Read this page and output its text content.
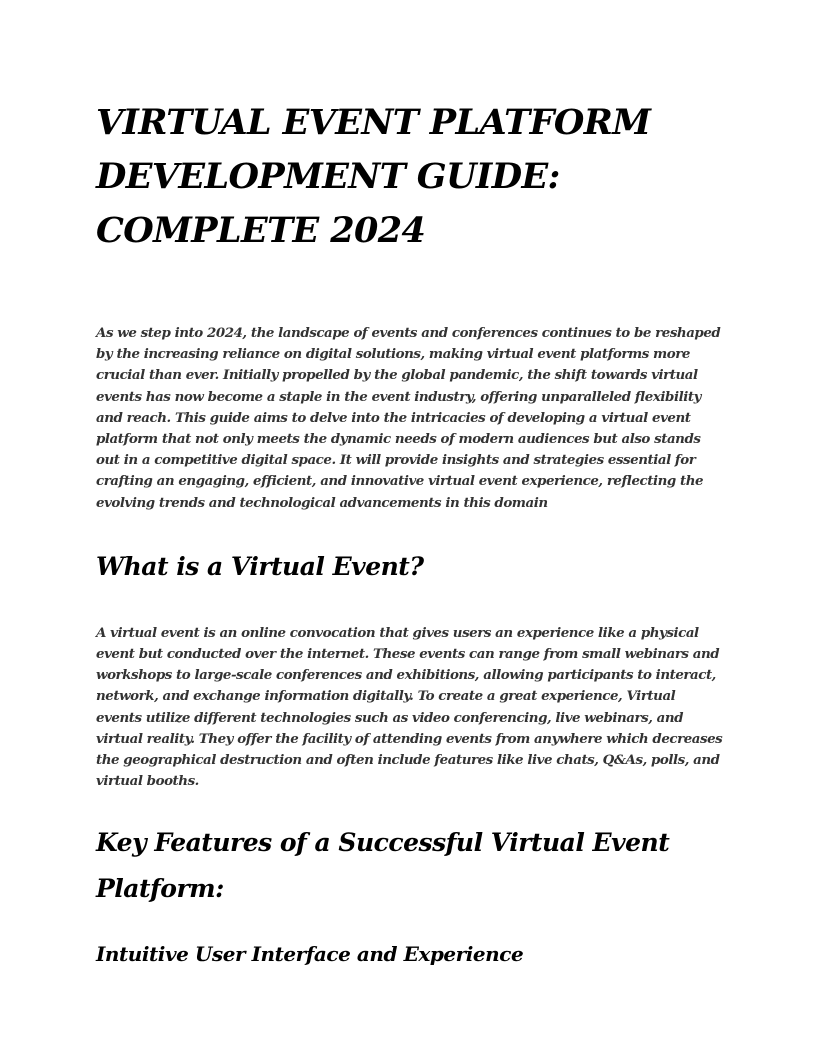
VIRTUAL EVENT PLATFORM DEVELOPMENT GUIDE: COMPLETE 2024

As we step into 2024, the landscape of events and conferences continues to be reshaped by the increasing reliance on digital solutions, making virtual event platforms more crucial than ever. Initially propelled by the global pandemic, the shift towards virtual events has now become a staple in the event industry, offering unparalleled flexibility and reach. This guide aims to delve into the intricacies of developing a virtual event platform that not only meets the dynamic needs of modern audiences but also stands out in a competitive digital space. It will provide insights and strategies essential for crafting an engaging, efficient, and innovative virtual event experience, reflecting the evolving trends and technological advancements in this domain

What is a Virtual Event?

A virtual event is an online convocation that gives users an experience like a physical event but conducted over the internet. These events can range from small webinars and workshops to large-scale conferences and exhibitions, allowing participants to interact, network, and exchange information digitally. To create a great experience, Virtual events utilize different technologies such as video conferencing, live webinars, and virtual reality. They offer the facility of attending events from anywhere which decreases the geographical destruction and often include features like live chats, Q&As, polls, and virtual booths.

Key Features of a Successful Virtual Event Platform:
Intuitive User Interface and Experience
